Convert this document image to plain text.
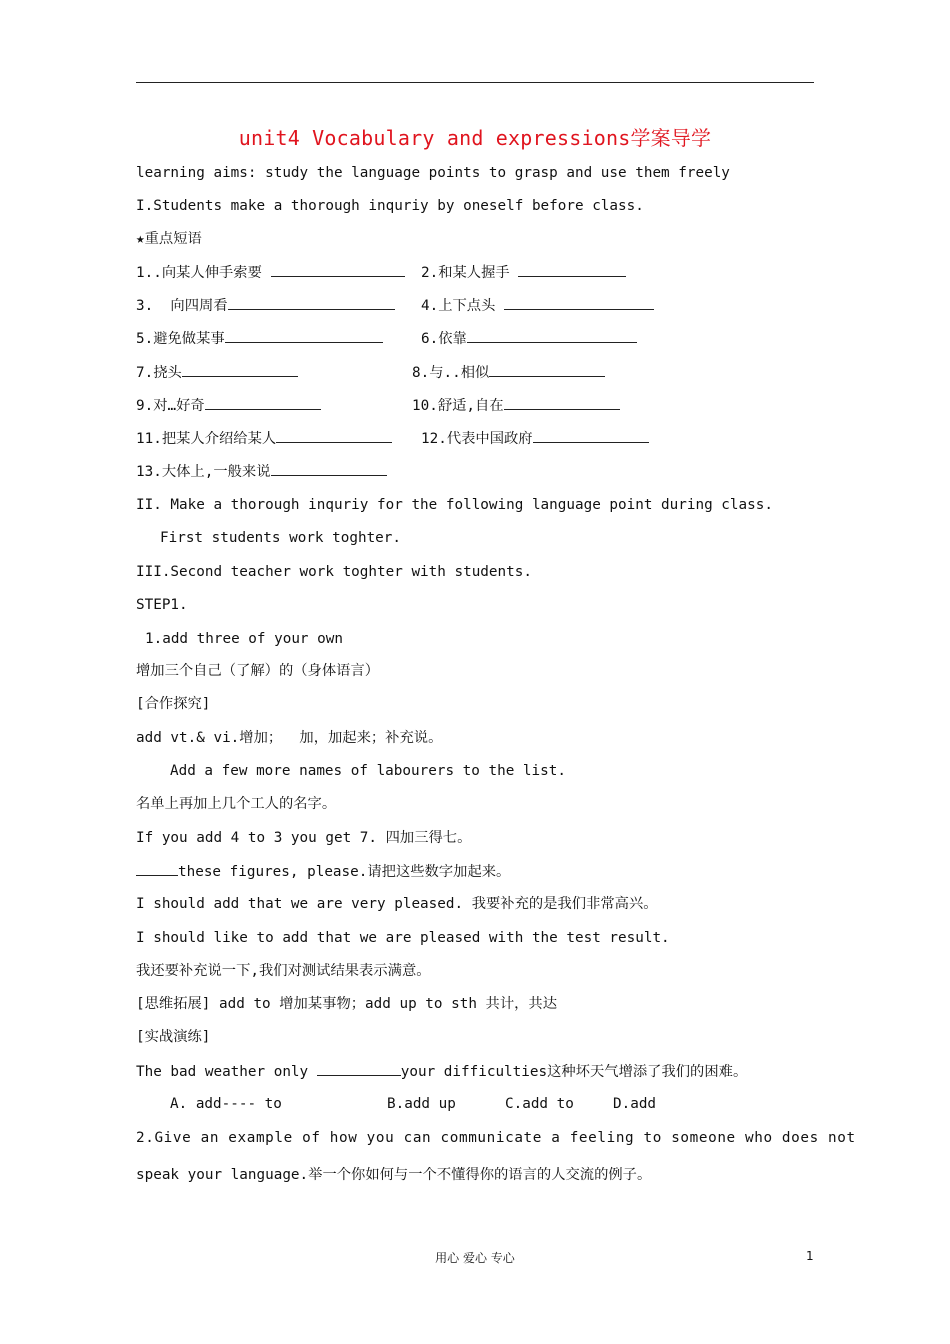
unit4 Vocabulary and expressions学案导学
learning aims: study the language points to grasp and use them freely
I.Students make a thorough inquriy by oneself before class.
★重点短语
1..向某人伸手索要	2.和某人握手
3.  向四周看	4.上下点头
5.避免做某事	6.依靠
7.挠头	8.与..相似
9.对…好奇	10.舒适,自在
11.把某人介绍给某人	12.代表中国政府
13.大体上,一般来说
II. Make a thorough inquriy for the following language point during class.
First students work toghter.
III.Second teacher work toghter with students.
STEP1.
1.add three of your own
增加三个自己（了解）的（身体语言）
[合作探究]
add vt.& vi.增加；  加，加起来；补充说。
Add a few more names of labourers to the list.
名单上再加上几个工人的名字。
If you add 4 to 3 you get 7. 四加三得七。
these figures, please.请把这些数字加起来。
I should add that we are very pleased. 我要补充的是我们非常高兴。
I should like to add that we are pleased with the test result.
我还要补充说一下,我们对测试结果表示满意。
[思维拓展] add to 增加某事物；add up to sth 共计，共达
[实战演练]
The bad weather only	your difficulties这种坏天气增添了我们的困难。
A. add---- to	B.add up	C.add to	D.add
2.Give an example of how you can communicate a feeling to someone who does not
speak your language.举一个你如何与一个不懂得你的语言的人交流的例子。
用心 爱心 专心	1
